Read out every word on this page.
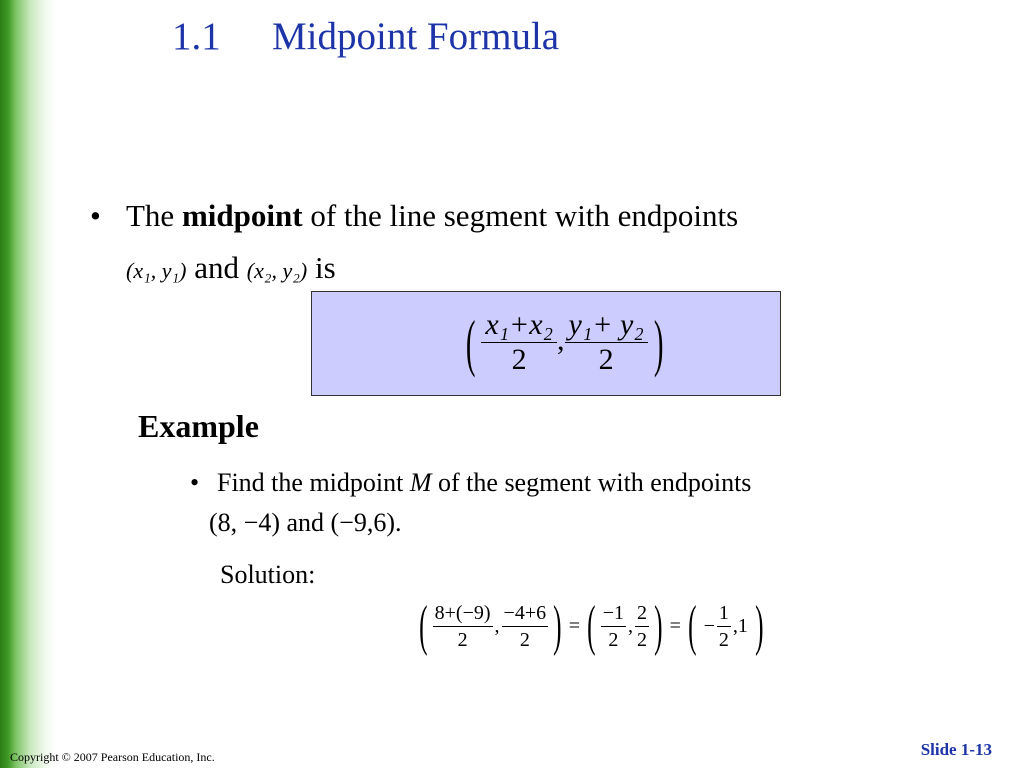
1.1 Midpoint Formula
• The midpoint of the line segment with endpoints
(x₁, y₁) and (x₂, y₂) is
( $\frac{\text{x₁+x₂}}{2}$ , $\frac{\text{y₁+ y₂}}{2}$ )
Example
• Find the midpoint M of the segment with endpoints
(8, −4) and (−9,6).
Solution:
( $\frac{8+(-9)}{2}$ , $\frac{-4+6}{2}$ ) = ( $\frac{-1}{2}$ , $\frac{2}{2}$ ) = ( − $\frac{1}{2} ,1$ )
Copyright © 2007 Pearson Education, Inc.	Slide 1-13
